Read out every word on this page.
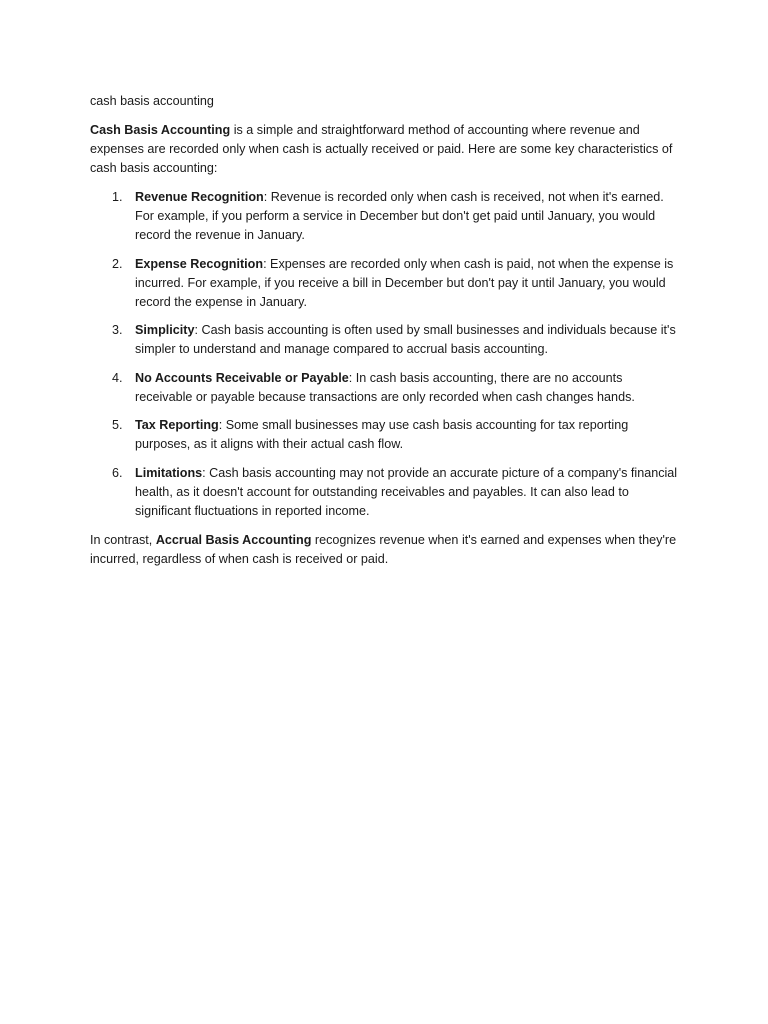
cash basis accounting

Cash Basis Accounting is a simple and straightforward method of accounting where revenue and expenses are recorded only when cash is actually received or paid. Here are some key characteristics of cash basis accounting:

1. Revenue Recognition: Revenue is recorded only when cash is received, not when it's earned. For example, if you perform a service in December but don't get paid until January, you would record the revenue in January.
2. Expense Recognition: Expenses are recorded only when cash is paid, not when the expense is incurred. For example, if you receive a bill in December but don't pay it until January, you would record the expense in January.
3. Simplicity: Cash basis accounting is often used by small businesses and individuals because it's simpler to understand and manage compared to accrual basis accounting.
4. No Accounts Receivable or Payable: In cash basis accounting, there are no accounts receivable or payable because transactions are only recorded when cash changes hands.
5. Tax Reporting: Some small businesses may use cash basis accounting for tax reporting purposes, as it aligns with their actual cash flow.
6. Limitations: Cash basis accounting may not provide an accurate picture of a company's financial health, as it doesn't account for outstanding receivables and payables. It can also lead to significant fluctuations in reported income.

In contrast, Accrual Basis Accounting recognizes revenue when it's earned and expenses when they're incurred, regardless of when cash is received or paid.
